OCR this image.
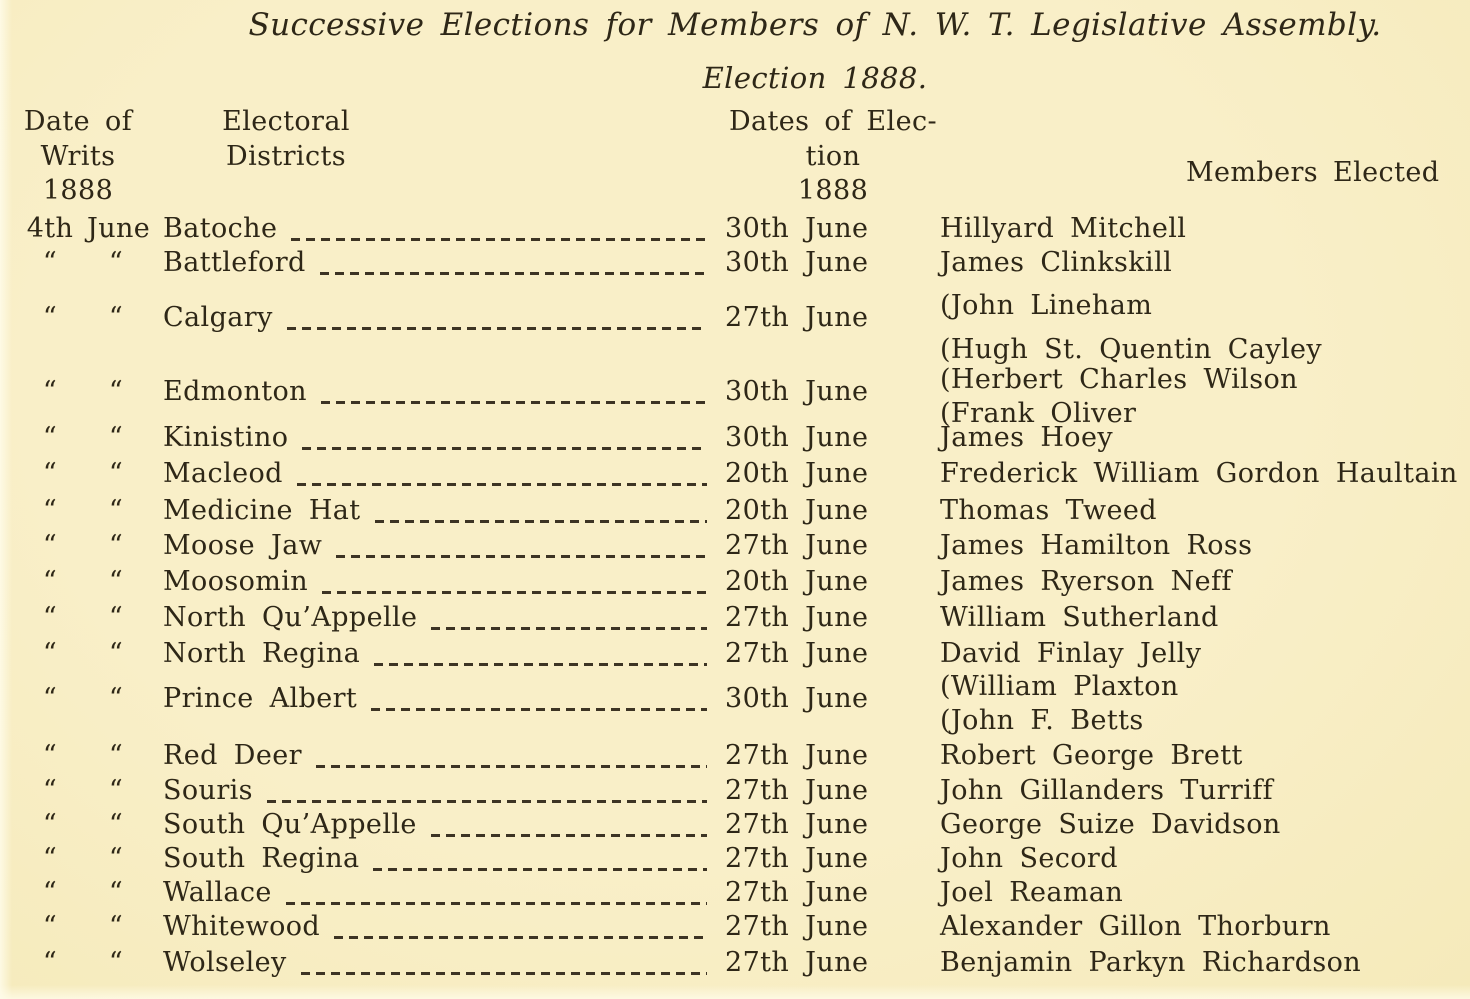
Successive Elections for Members of N. W. T. Legislative Assembly.
Election 1888.
Date of
Writs
1888
Electoral
Districts
Dates of Elec-
tion
1888
Members Elected
4th June Batoche	30th June	Hillyard Mitchell
“	“	Battleford	30th June	James Clinkskill
“	“	Calgary	27th June	(John Lineham
(Hugh St. Quentin Cayley
“	“	Edmonton	30th June	(Herbert Charles Wilson
(Frank Oliver
“	“	Kinistino	30th June	James Hoey
“	“	Macleod	20th June	Frederick William Gordon Haultain
“	“	Medicine Hat	20th June	Thomas Tweed
“	“	Moose Jaw	27th June	James Hamilton Ross
“	“	Moosomin	20th June	James Ryerson Neff
“	“	North Qu’Appelle	27th June	William Sutherland
“	“	North Regina	27th June	David Finlay Jelly
“	“	Prince Albert	30th June	(William Plaxton
(John F. Betts
“	“	Red Deer	27th June	Robert George Brett
“	“	Souris	27th June	John Gillanders Turriff
“	“	South Qu’Appelle	27th June	George Suize Davidson
“	“	South Regina	27th June	John Secord
“	“	Wallace	27th June	Joel Reaman
“	“	Whitewood	27th June	Alexander Gillon Thorburn
“	“	Wolseley	27th June	Benjamin Parkyn Richardson
